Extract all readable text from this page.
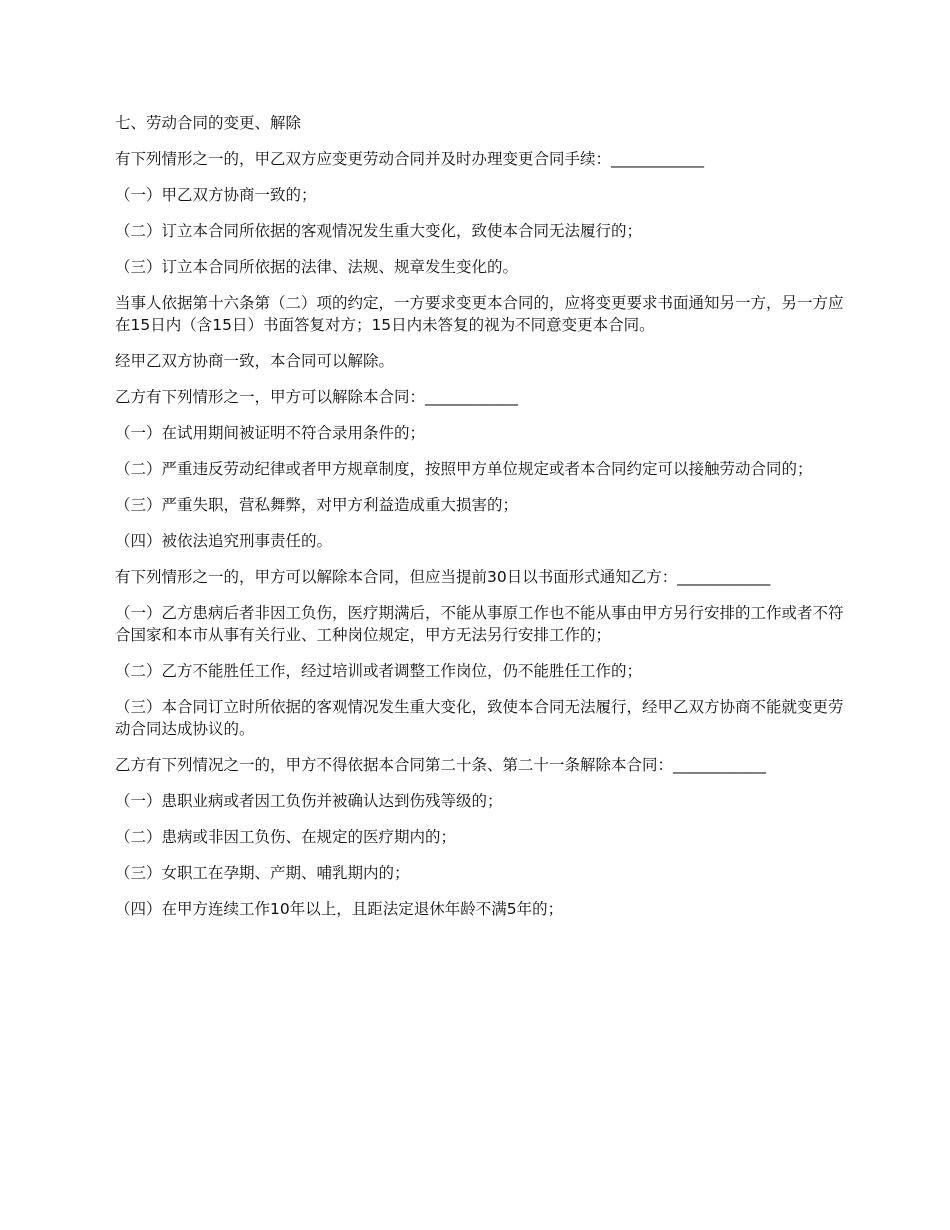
七、劳动合同的变更、解除
有下列情形之一的，甲乙双方应变更劳动合同并及时办理变更合同手续：____________
（一）甲乙双方协商一致的；
（二）订立本合同所依据的客观情况发生重大变化，致使本合同无法履行的；
（三）订立本合同所依据的法律、法规、规章发生变化的。
当事人依据第十六条第（二）项的约定，一方要求变更本合同的，应将变更要求书面通知另一方，另一方应在15日内（含15日）书面答复对方；15日内未答复的视为不同意变更本合同。
经甲乙双方协商一致，本合同可以解除。
乙方有下列情形之一，甲方可以解除本合同：____________
（一）在试用期间被证明不符合录用条件的；
（二）严重违反劳动纪律或者甲方规章制度，按照甲方单位规定或者本合同约定可以接触劳动合同的；
（三）严重失职，营私舞弊，对甲方利益造成重大损害的；
（四）被依法追究刑事责任的。
有下列情形之一的，甲方可以解除本合同，但应当提前30日以书面形式通知乙方：____________
（一）乙方患病后者非因工负伤，医疗期满后，不能从事原工作也不能从事由甲方另行安排的工作或者不符合国家和本市从事有关行业、工种岗位规定，甲方无法另行安排工作的；
（二）乙方不能胜任工作，经过培训或者调整工作岗位，仍不能胜任工作的；
（三）本合同订立时所依据的客观情况发生重大变化，致使本合同无法履行，经甲乙双方协商不能就变更劳动合同达成协议的。
乙方有下列情况之一的，甲方不得依据本合同第二十条、第二十一条解除本合同：____________
（一）患职业病或者因工负伤并被确认达到伤残等级的；
（二）患病或非因工负伤、在规定的医疗期内的；
（三）女职工在孕期、产期、哺乳期内的；
（四）在甲方连续工作10年以上，且距法定退休年龄不满5年的；
